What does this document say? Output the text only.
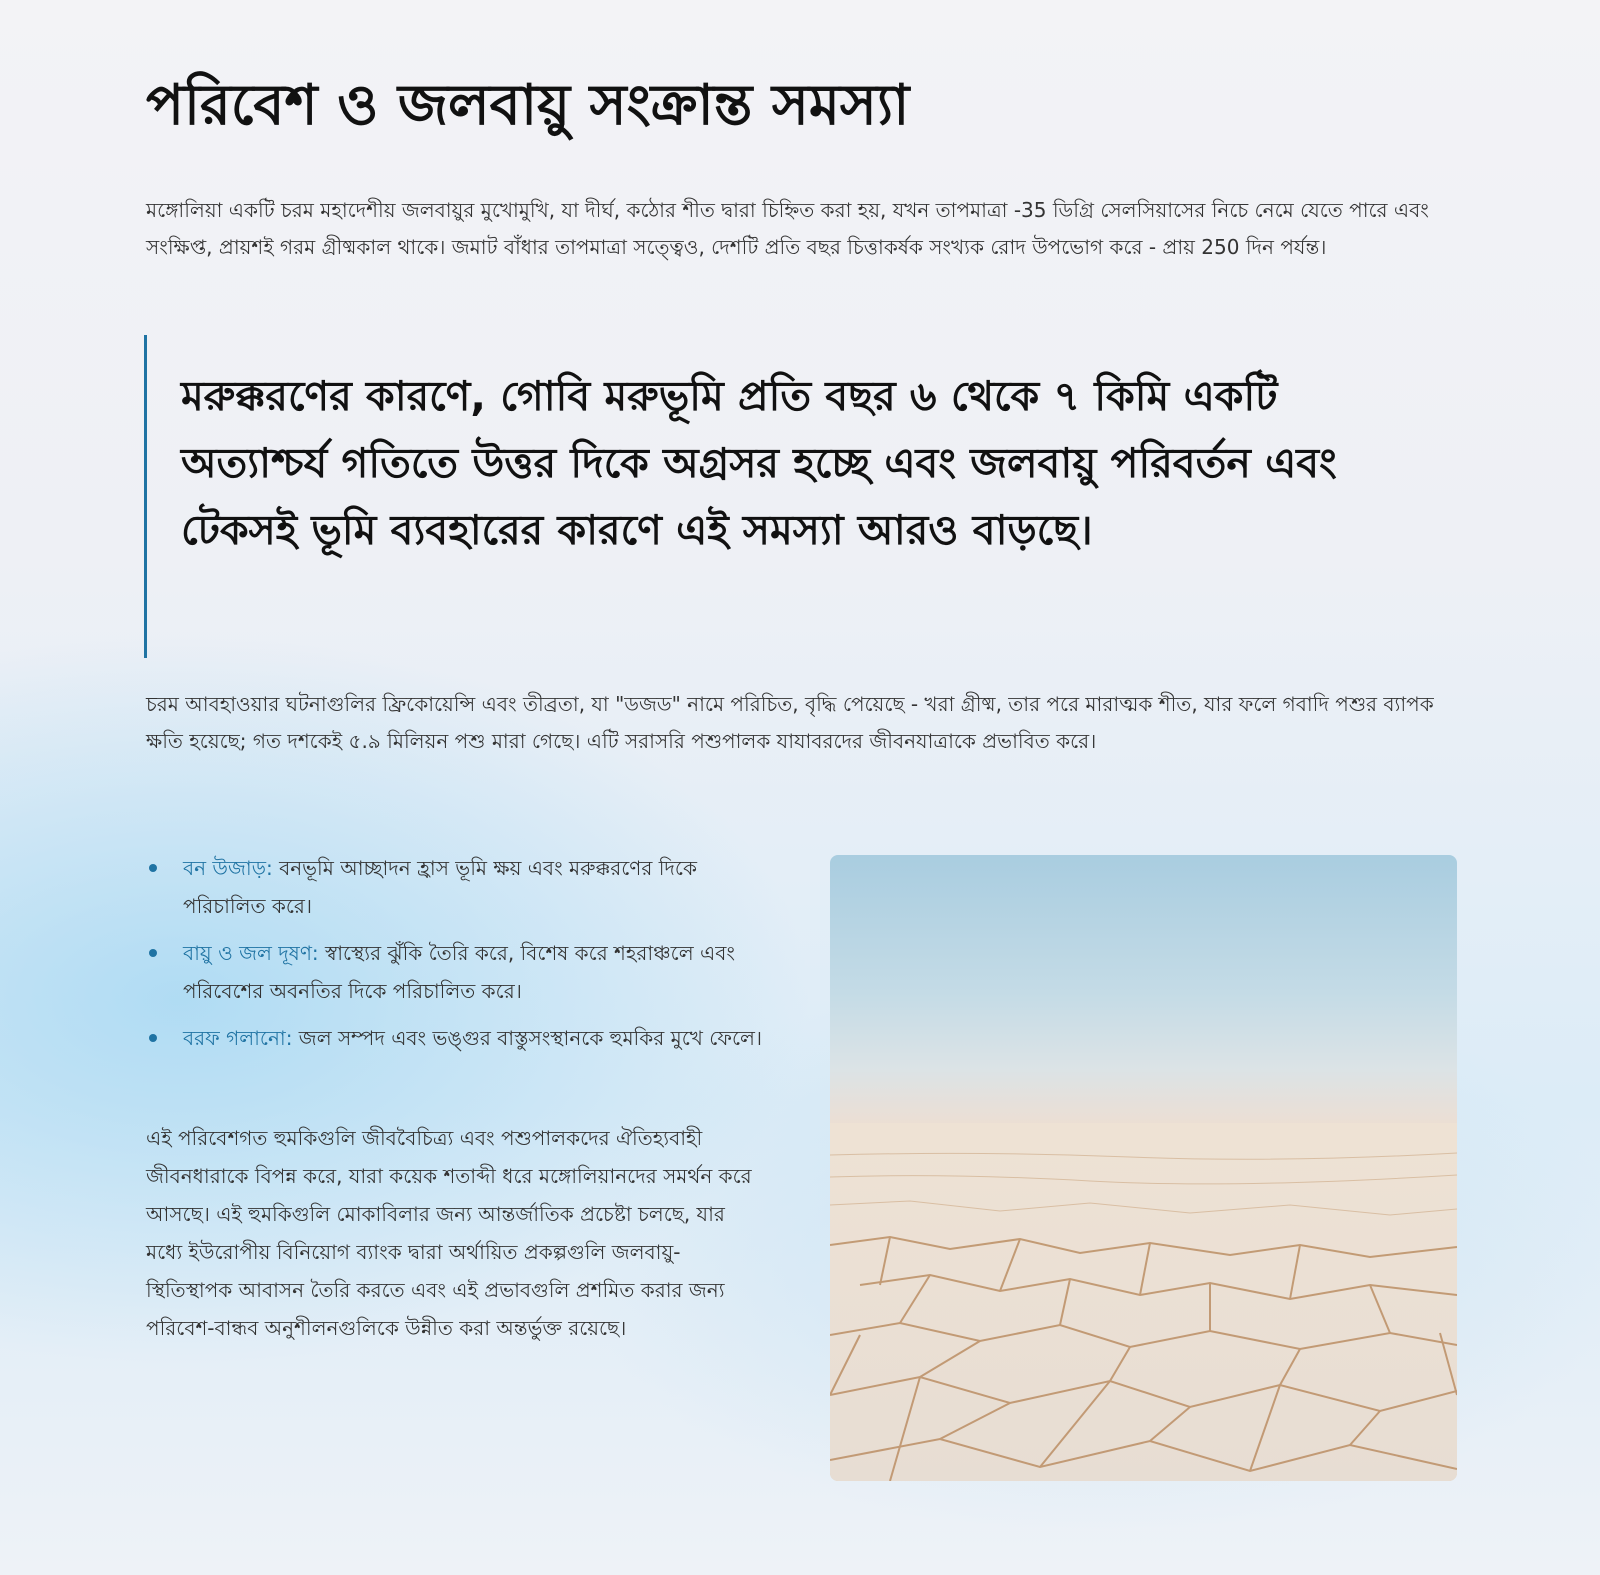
পরিবেশ ও জলবায়ু সংক্রান্ত সমস্যা

মঙ্গোলিয়া একটি চরম মহাদেশীয় জলবায়ুর মুখোমুখি, যা দীর্ঘ, কঠোর শীত দ্বারা চিহ্নিত করা হয়, যখন তাপমাত্রা -35 ডিগ্রি সেলসিয়াসের নিচে নেমে যেতে পারে এবং সংক্ষিপ্ত, প্রায়শই গরম গ্রীষ্মকাল থাকে। জমাট বাঁধার তাপমাত্রা সত্ত্বেও, দেশটি প্রতি বছর চিত্তাকর্ষক সংখ্যক রোদ উপভোগ করে - প্রায় 250 দিন পর্যন্ত।

মরুক্করণের কারণে, গোবি মরুভূমি প্রতি বছর ৬ থেকে ৭ কিমি একটি অত্যাশ্চর্য গতিতে উত্তর দিকে অগ্রসর হচ্ছে এবং জলবায়ু পরিবর্তন এবং টেকসই ভূমি ব্যবহারের কারণে এই সমস্যা আরও বাড়ছে।

চরম আবহাওয়ার ঘটনাগুলির ফ্রিকোয়েন্সি এবং তীব্রতা, যা "ডজড" নামে পরিচিত, বৃদ্ধি পেয়েছে - খরা গ্রীষ্ম, তার পরে মারাত্মক শীত, যার ফলে গবাদি পশুর ব্যাপক ক্ষতি হয়েছে; গত দশকেই ৫.৯ মিলিয়ন পশু মারা গেছে। এটি সরাসরি পশুপালক যাযাবরদের জীবনযাত্রাকে প্রভাবিত করে।

বন উজাড়: বনভূমি আচ্ছাদন হ্রাস ভূমি ক্ষয় এবং মরুক্করণের দিকে পরিচালিত করে।
বায়ু ও জল দূষণ: স্বাস্থ্যের ঝুঁকি তৈরি করে, বিশেষ করে শহরাঞ্চলে এবং পরিবেশের অবনতির দিকে পরিচালিত করে।
বরফ গলানো: জল সম্পদ এবং ভঙ্গুর বাস্তুসংস্থানকে হুমকির মুখে ফেলে।

এই পরিবেশগত হুমকিগুলি জীববৈচিত্র্য এবং পশুপালকদের ঐতিহ্যবাহী জীবনধারাকে বিপন্ন করে, যারা কয়েক শতাব্দী ধরে মঙ্গোলিয়ানদের সমর্থন করে আসছে। এই হুমকিগুলি মোকাবিলার জন্য আন্তর্জাতিক প্রচেষ্টা চলছে, যার মধ্যে ইউরোপীয় বিনিয়োগ ব্যাংক দ্বারা অর্থায়িত প্রকল্পগুলি জলবায়ু-স্থিতিস্থাপক আবাসন তৈরি করতে এবং এই প্রভাবগুলি প্রশমিত করার জন্য পরিবেশ-বান্ধব অনুশীলনগুলিকে উন্নীত করা অন্তর্ভুক্ত রয়েছে।
